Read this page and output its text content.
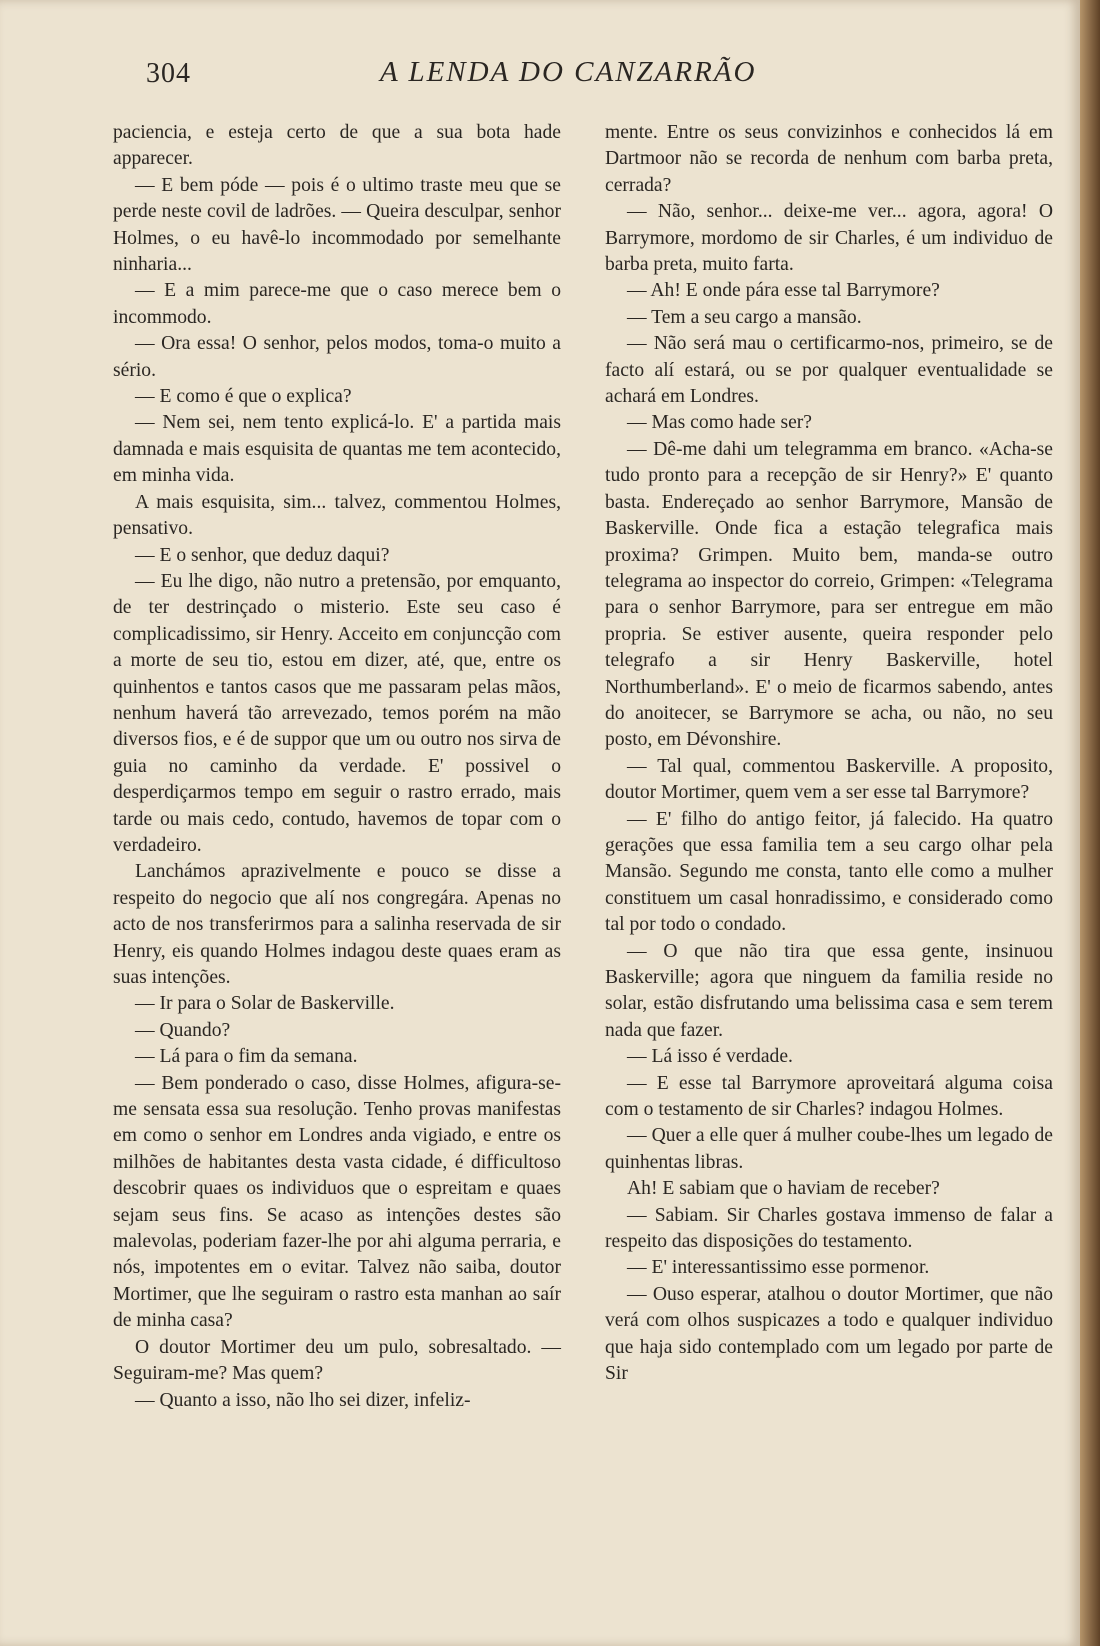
304	A LENDA DO CANZARRÃO

paciencia, e esteja certo de que a sua bota hade apparecer.

— E bem póde — pois é o ultimo traste meu que se perde neste covil de ladrões. — Queira desculpar, senhor Holmes, o eu havê-lo incommodado por semelhante ninharia...

— E a mim parece-me que o caso merece bem o incommodo.

— Ora essa! O senhor, pelos modos, toma-o muito a sério.

— E como é que o explica?

— Nem sei, nem tento explicá-lo. E' a partida mais damnada e mais esquisita de quantas me tem acontecido, em minha vida.

A mais esquisita, sim... talvez, commentou Holmes, pensativo.

— E o senhor, que deduz daqui?

— Eu lhe digo, não nutro a pretensão, por emquanto, de ter destrinçado o misterio. Este seu caso é complicadissimo, sir Henry. Acceito em conjuncção com a morte de seu tio, estou em dizer, até, que, entre os quinhentos e tantos casos que me passaram pelas mãos, nenhum haverá tão arrevezado, temos porém na mão diversos fios, e é de suppor que um ou outro nos sirva de guia no caminho da verdade. E' possivel o desperdiçarmos tempo em seguir o rastro errado, mais tarde ou mais cedo, contudo, havemos de topar com o verdadeiro.

Lanchámos aprazivelmente e pouco se disse a respeito do negocio que alí nos congregára. Apenas no acto de nos transferirmos para a salinha reservada de sir Henry, eis quando Holmes indagou deste quaes eram as suas intenções.

— Ir para o Solar de Baskerville.

— Quando?

— Lá para o fim da semana.

— Bem ponderado o caso, disse Holmes, afigura-se-me sensata essa sua resolução. Tenho provas manifestas em como o senhor em Londres anda vigiado, e entre os milhões de habitantes desta vasta cidade, é difficultoso descobrir quaes os individuos que o espreitam e quaes sejam seus fins. Se acaso as intenções destes são malevolas, poderiam fazer-lhe por ahi alguma perraria, e nós, impotentes em o evitar. Talvez não saiba, doutor Mortimer, que lhe seguiram o rastro esta manhan ao saír de minha casa?

O doutor Mortimer deu um pulo, sobresaltado. — Seguiram-me? Mas quem?

— Quanto a isso, não lho sei dizer, infeliz-

mente. Entre os seus convizinhos e conhecidos lá em Dartmoor não se recorda de nenhum com barba preta, cerrada?

— Não, senhor... deixe-me ver... agora, agora! O Barrymore, mordomo de sir Charles, é um individuo de barba preta, muito farta.

— Ah! E onde pára esse tal Barrymore?

— Tem a seu cargo a mansão.

— Não será mau o certificarmo-nos, primeiro, se de facto alí estará, ou se por qualquer eventualidade se achará em Londres.

— Mas como hade ser?

— Dê-me dahi um telegramma em branco. «Acha-se tudo pronto para a recepção de sir Henry?» E' quanto basta. Endereçado ao senhor Barrymore, Mansão de Baskerville. Onde fica a estação telegrafica mais proxima? Grimpen. Muito bem, manda-se outro telegrama ao inspector do correio, Grimpen: «Telegrama para o senhor Barrymore, para ser entregue em mão propria. Se estiver ausente, queira responder pelo telegrafo a sir Henry Baskerville, hotel Northumberland». E' o meio de ficarmos sabendo, antes do anoitecer, se Barrymore se acha, ou não, no seu posto, em Dévonshire.

— Tal qual, commentou Baskerville. A proposito, doutor Mortimer, quem vem a ser esse tal Barrymore?

— E' filho do antigo feitor, já falecido. Ha quatro gerações que essa familia tem a seu cargo olhar pela Mansão. Segundo me consta, tanto elle como a mulher constituem um casal honradissimo, e considerado como tal por todo o condado.

— O que não tira que essa gente, insinuou Baskerville; agora que ninguem da familia reside no solar, estão disfrutando uma belissima casa e sem terem nada que fazer.

— Lá isso é verdade.

— E esse tal Barrymore aproveitará alguma coisa com o testamento de sir Charles? indagou Holmes.

— Quer a elle quer á mulher coube-lhes um legado de quinhentas libras.

Ah! E sabiam que o haviam de receber?

— Sabiam. Sir Charles gostava immenso de falar a respeito das disposições do testamento.

— E' interessantissimo esse pormenor.

— Ouso esperar, atalhou o doutor Mortimer, que não verá com olhos suspicazes a todo e qualquer individuo que haja sido contemplado com um legado por parte de Sir
